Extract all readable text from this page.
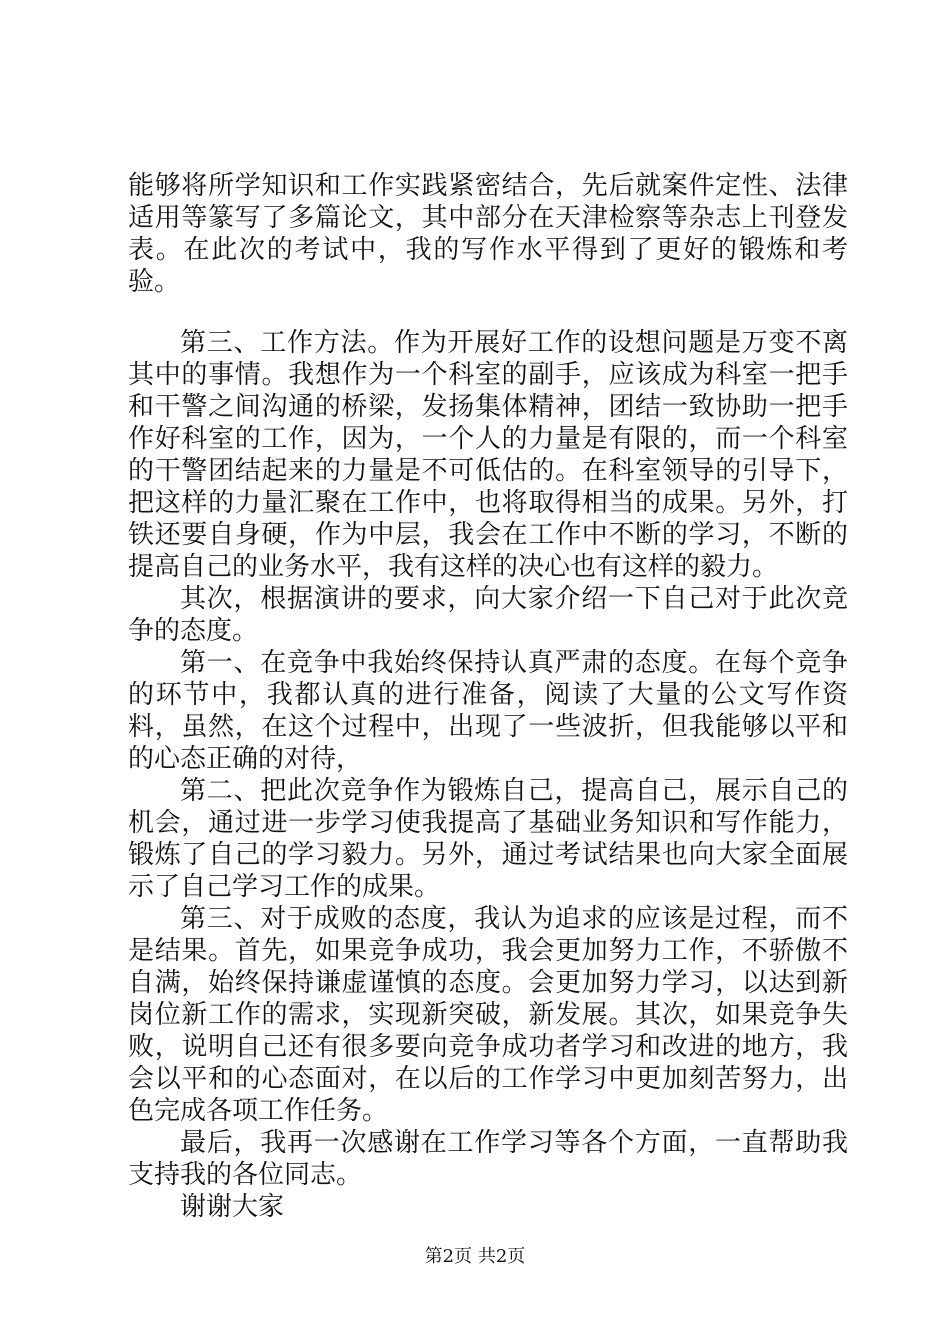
能够将所学知识和工作实践紧密结合，先后就案件定性、法律适用等篆写了多篇论文，其中部分在天津检察等杂志上刊登发表。在此次的考试中，我的写作水平得到了更好的锻炼和考验。

第三、工作方法。作为开展好工作的设想问题是万变不离其中的事情。我想作为一个科室的副手，应该成为科室一把手和干警之间沟通的桥梁，发扬集体精神，团结一致协助一把手作好科室的工作，因为，一个人的力量是有限的，而一个科室的干警团结起来的力量是不可低估的。在科室领导的引导下，把这样的力量汇聚在工作中，也将取得相当的成果。另外，打铁还要自身硬，作为中层，我会在工作中不断的学习，不断的提高自己的业务水平，我有这样的决心也有这样的毅力。

其次，根据演讲的要求，向大家介绍一下自己对于此次竞争的态度。

第一、在竞争中我始终保持认真严肃的态度。在每个竞争的环节中，我都认真的进行准备，阅读了大量的公文写作资料，虽然，在这个过程中，出现了一些波折，但我能够以平和的心态正确的对待，

第二、把此次竞争作为锻炼自己，提高自己，展示自己的机会，通过进一步学习使我提高了基础业务知识和写作能力，锻炼了自己的学习毅力。另外，通过考试结果也向大家全面展示了自己学习工作的成果。

第三、对于成败的态度，我认为追求的应该是过程，而不是结果。首先，如果竞争成功，我会更加努力工作，不骄傲不自满，始终保持谦虚谨慎的态度。会更加努力学习，以达到新岗位新工作的需求，实现新突破，新发展。其次，如果竞争失败，说明自己还有很多要向竞争成功者学习和改进的地方，我会以平和的心态面对，在以后的工作学习中更加刻苦努力，出色完成各项工作任务。

最后，我再一次感谢在工作学习等各个方面，一直帮助我支持我的各位同志。

谢谢大家

第2页 共2页
